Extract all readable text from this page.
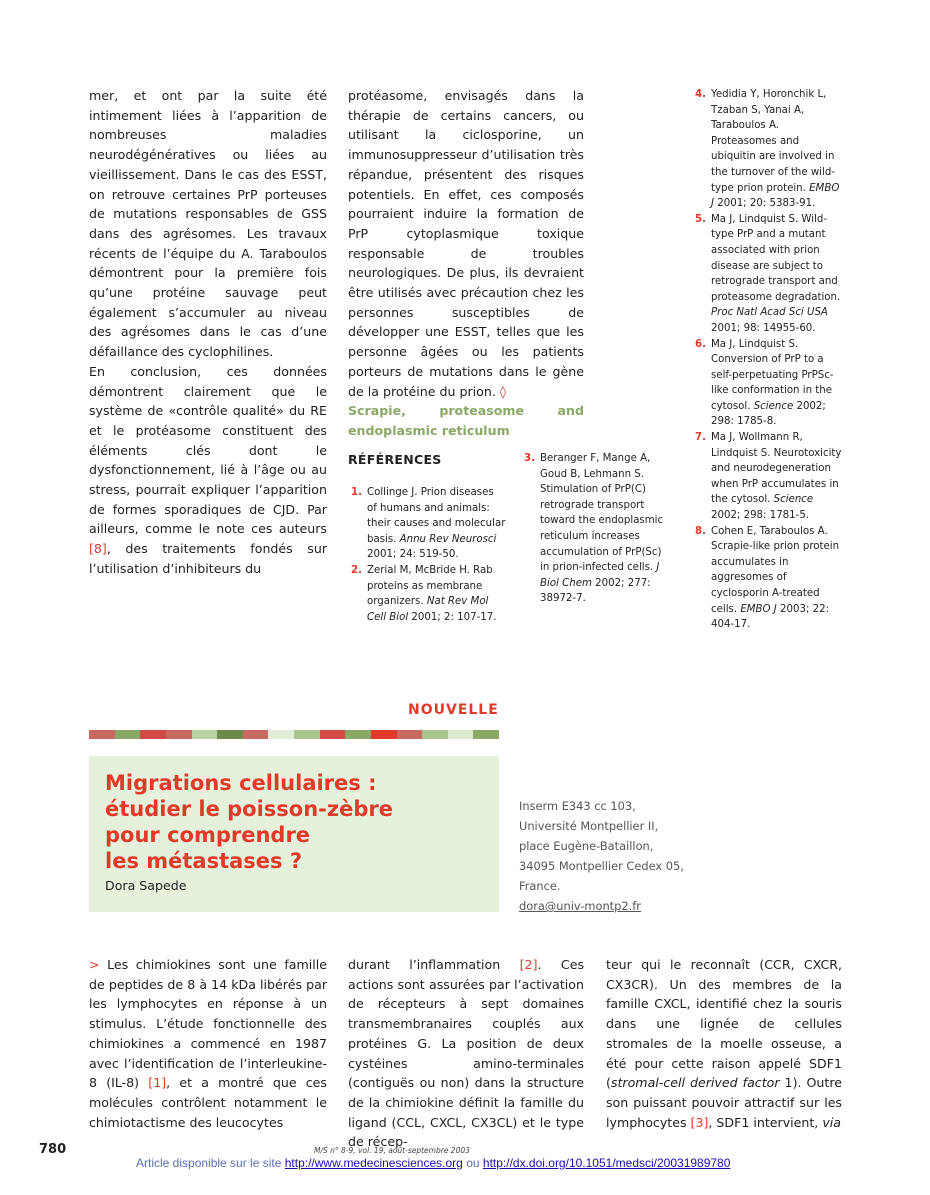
mer, et ont par la suite été intimement liées à l’apparition de nombreuses maladies neurodégénératives ou liées au vieillissement. Dans le cas des ESST, on retrouve certaines PrP porteuses de mutations responsables de GSS dans des agrésomes. Les travaux récents de l’équipe du A. Taraboulos démontrent pour la première fois qu’une protéine sauvage peut également s’accumuler au niveau des agrésomes dans le cas d’une défaillance des cyclophilines.

En conclusion, ces données démontrent clairement que le système de «contrôle qualité» du RE et le protéasome constituent des éléments clés dont le dysfonctionnement, lié à l’âge ou au stress, pourrait expliquer l’apparition de formes sporadiques de CJD. Par ailleurs, comme le note ces auteurs [8], des traitements fondés sur l’utilisation d’inhibiteurs du

protéasome, envisagés dans la thérapie de certains cancers, ou utilisant la ciclosporine, un immunosuppresseur d’utilisation très répandue, présentent des risques potentiels. En effet, ces composés pourraient induire la formation de PrP cytoplasmique toxique responsable de troubles neurologiques. De plus, ils devraient être utilisés avec précaution chez les personnes susceptibles de développer une ESST, telles que les personne âgées ou les patients porteurs de mutations dans le gène de la protéine du prion. ◊

Scrapie, proteasome and endoplasmic reticulum

RÉFÉRENCES
1. Collinge J. Prion diseases of humans and animals: their causes and molecular basis. Annu Rev Neurosci 2001; 24: 519-50.
2. Zerial M, McBride H. Rab proteins as membrane organizers. Nat Rev Mol Cell Biol 2001; 2: 107-17.
3. Beranger F, Mange A, Goud B, Lehmann S. Stimulation of PrP(C) retrograde transport toward the endoplasmic reticulum increases accumulation of PrP(Sc) in prion-infected cells. J Biol Chem 2002; 277: 38972-7.
4. Yedidia Y, Horonchik L, Tzaban S, Yanai A, Taraboulos A. Proteasomes and ubiquitin are involved in the turnover of the wild-type prion protein. EMBO J 2001; 20: 5383-91.
5. Ma J, Lindquist S. Wild-type PrP and a mutant associated with prion disease are subject to retrograde transport and proteasome degradation. Proc Natl Acad Sci USA 2001; 98: 14955-60.
6. Ma J, Lindquist S. Conversion of PrP to a self-perpetuating PrPSc-like conformation in the cytosol. Science 2002; 298: 1785-8.
7. Ma J, Wollmann R, Lindquist S. Neurotoxicity and neurodegeneration when PrP accumulates in the cytosol. Science 2002; 298: 1781-5.
8. Cohen E, Taraboulos A. Scrapie-like prion protein accumulates in aggresomes of cyclosporin A-treated cells. EMBO J 2003; 22: 404-17.
NOUVELLE
Migrations cellulaires :
étudier le poisson-zèbre
pour comprendre
les métastases ?
Dora Sapede
Inserm E343 cc 103,
Université Montpellier II,
place Eugène-Bataillon,
34095 Montpellier Cedex 05,
France.
dora@univ-montp2.fr

> Les chimiokines sont une famille de peptides de 8 à 14 kDa libérés par les lymphocytes en réponse à un stimulus. L’étude fonctionnelle des chimiokines a commencé en 1987 avec l’identification de l’interleukine-8 (IL-8) [1], et a montré que ces molécules contrôlent notamment le chimiotactisme des leucocytes

durant l’inflammation [2]. Ces actions sont assurées par l’activation de récepteurs à sept domaines transmembranaires couplés aux protéines G. La position de deux cystéines amino-terminales (contiguës ou non) dans la structure de la chimiokine définit la famille du ligand (CCL, CXCL, CX3CL) et le type de récep-

teur qui le reconnaît (CCR, CXCR, CX3CR). Un des membres de la famille CXCL, identifié chez la souris dans une lignée de cellules stromales de la moelle osseuse, a été pour cette raison appelé SDF1 (stromal-cell derived factor 1). Outre son puissant pouvoir attractif sur les lymphocytes [3], SDF1 intervient, via

780	M/S n° 8-9, vol. 19, août-septembre 2003
Article disponible sur le site http://www.medecinesciences.org ou http://dx.doi.org/10.1051/medsci/20031989780
